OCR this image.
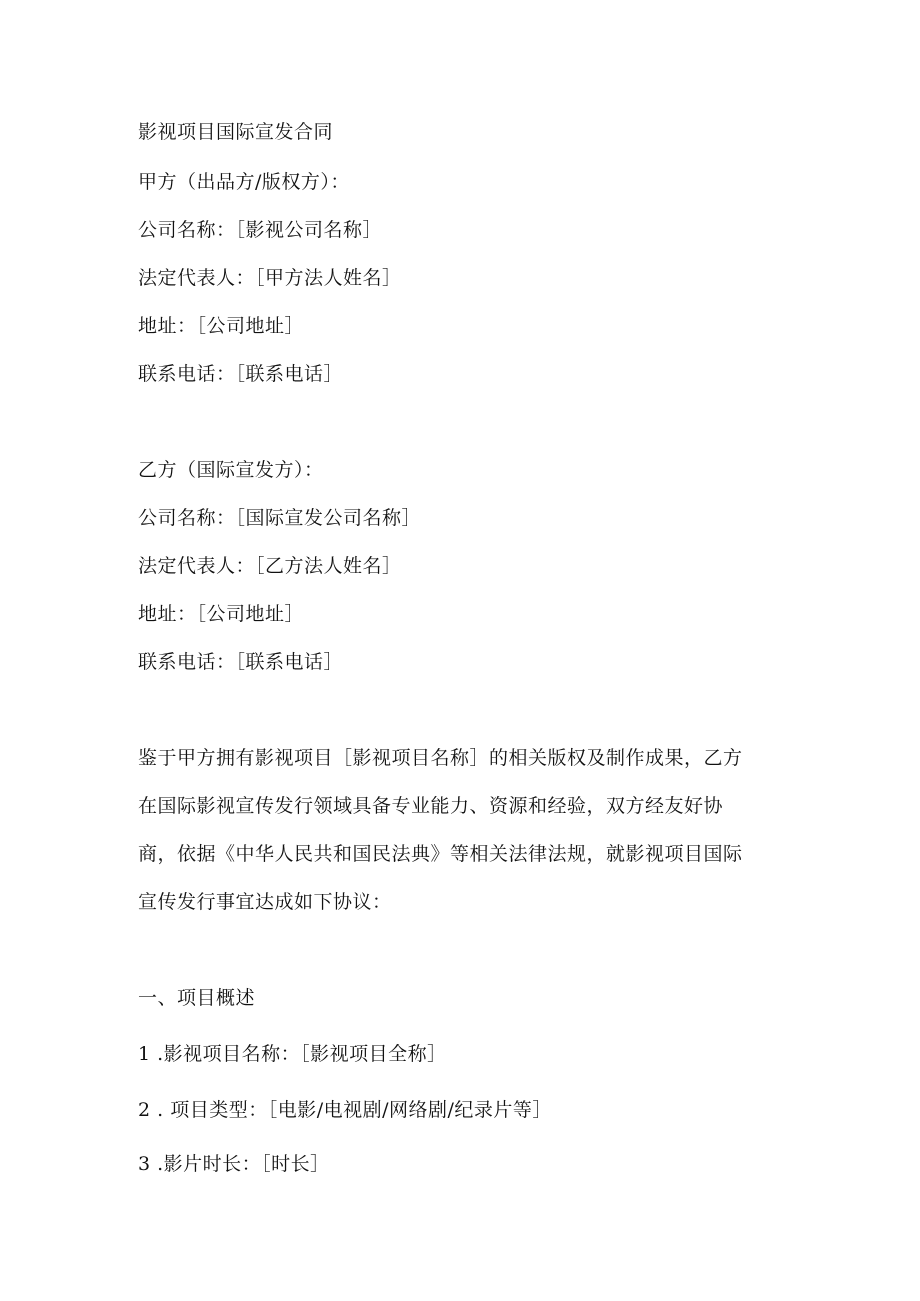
影视项目国际宣发合同
甲方（出品方/版权方）：
公司名称：［影视公司名称］
法定代表人：［甲方法人姓名］
地址：［公司地址］
联系电话：［联系电话］
乙方（国际宣发方）：
公司名称：［国际宣发公司名称］
法定代表人：［乙方法人姓名］
地址：［公司地址］
联系电话：［联系电话］
鉴于甲方拥有影视项目［影视项目名称］的相关版权及制作成果，乙方
在国际影视宣传发行领域具备专业能力、资源和经验，双方经友好协
商，依据《中华人民共和国民法典》等相关法律法规，就影视项目国际
宣传发行事宜达成如下协议：
一、项目概述
1 .影视项目名称：［影视项目全称］
2 . 项目类型：［电影/电视剧/网络剧/纪录片等］
3 .影片时长：［时长］
